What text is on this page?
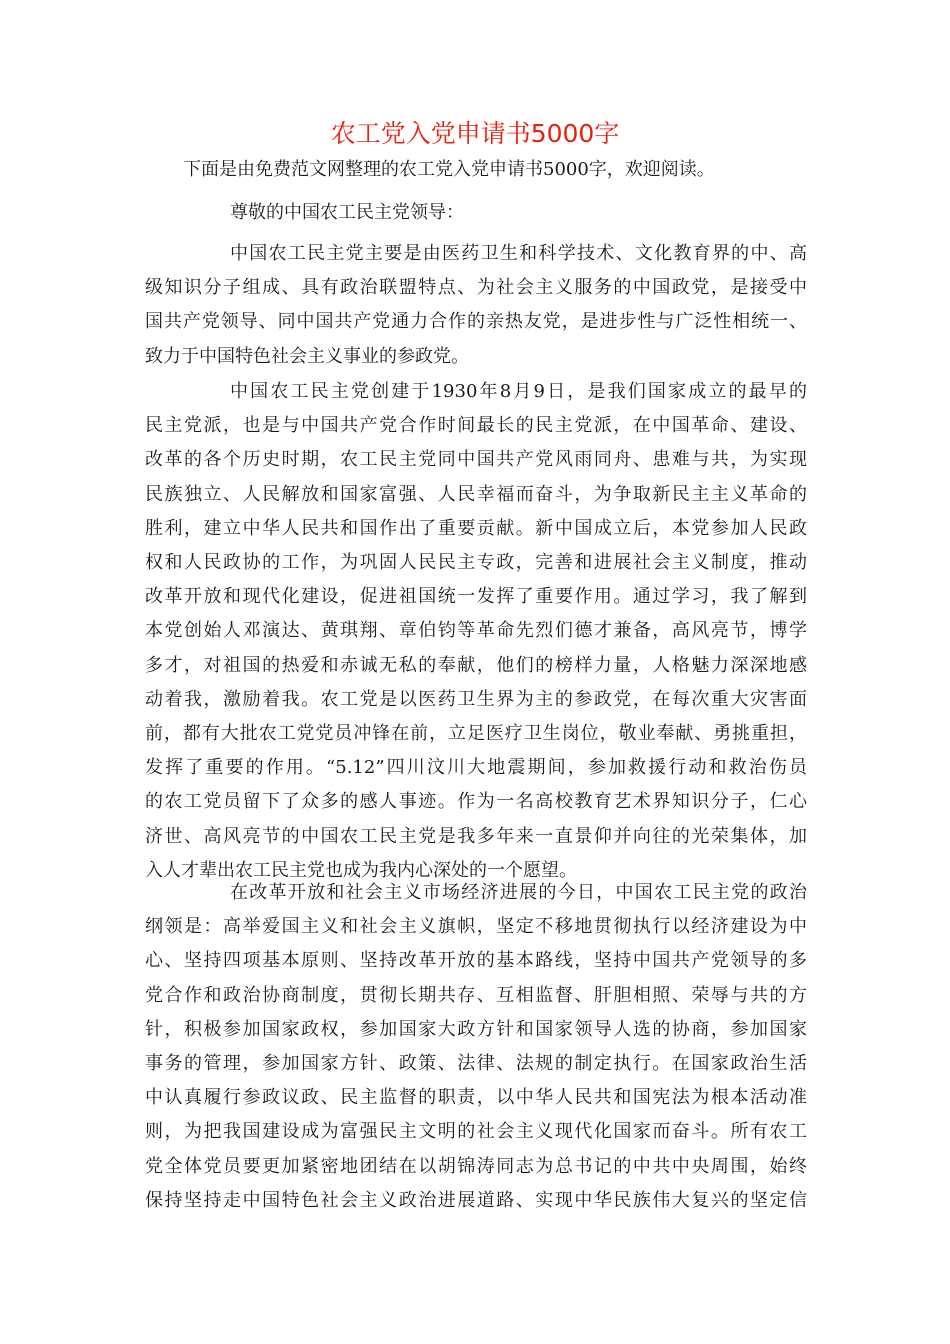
农工党入党申请书5000字
下面是由免费范文网整理的农工党入党申请书5000字，欢迎阅读。
尊敬的中国农工民主党领导：
中国农工民主党主要是由医药卫生和科学技术、文化教育界的中、高
级知识分子组成、具有政治联盟特点、为社会主义服务的中国政党，是接受中
国共产党领导、同中国共产党通力合作的亲热友党，是进步性与广泛性相统一、
致力于中国特色社会主义事业的参政党。
中国农工民主党创建于1930年8月9日，是我们国家成立的最早的
民主党派，也是与中国共产党合作时间最长的民主党派，在中国革命、建设、
改革的各个历史时期，农工民主党同中国共产党风雨同舟、患难与共，为实现
民族独立、人民解放和国家富强、人民幸福而奋斗，为争取新民主主义革命的
胜利，建立中华人民共和国作出了重要贡献。新中国成立后，本党参加人民政
权和人民政协的工作，为巩固人民民主专政，完善和进展社会主义制度，推动
改革开放和现代化建设，促进祖国统一发挥了重要作用。通过学习，我了解到
本党创始人邓演达、黄琪翔、章伯钧等革命先烈们德才兼备，高风亮节，博学
多才，对祖国的热爱和赤诚无私的奉献，他们的榜样力量，人格魅力深深地感
动着我，激励着我。农工党是以医药卫生界为主的参政党，在每次重大灾害面
前，都有大批农工党党员冲锋在前，立足医疗卫生岗位，敬业奉献、勇挑重担，
发挥了重要的作用。“5.12”四川汶川大地震期间，参加救援行动和救治伤员
的农工党员留下了众多的感人事迹。作为一名高校教育艺术界知识分子，仁心
济世、高风亮节的中国农工民主党是我多年来一直景仰并向往的光荣集体，加
入人才辈出农工民主党也成为我内心深处的一个愿望。
在改革开放和社会主义市场经济进展的今日，中国农工民主党的政治
纲领是：高举爱国主义和社会主义旗帜，坚定不移地贯彻执行以经济建设为中
心、坚持四项基本原则、坚持改革开放的基本路线，坚持中国共产党领导的多
党合作和政治协商制度，贯彻长期共存、互相监督、肝胆相照、荣辱与共的方
针，积极参加国家政权，参加国家大政方针和国家领导人选的协商，参加国家
事务的管理，参加国家方针、政策、法律、法规的制定执行。在国家政治生活
中认真履行参政议政、民主监督的职责，以中华人民共和国宪法为根本活动准
则，为把我国建设成为富强民主文明的社会主义现代化国家而奋斗。所有农工
党全体党员要更加紧密地团结在以胡锦涛同志为总书记的中共中央周围，始终
保持坚持走中国特色社会主义政治进展道路、实现中华民族伟大复兴的坚定信
